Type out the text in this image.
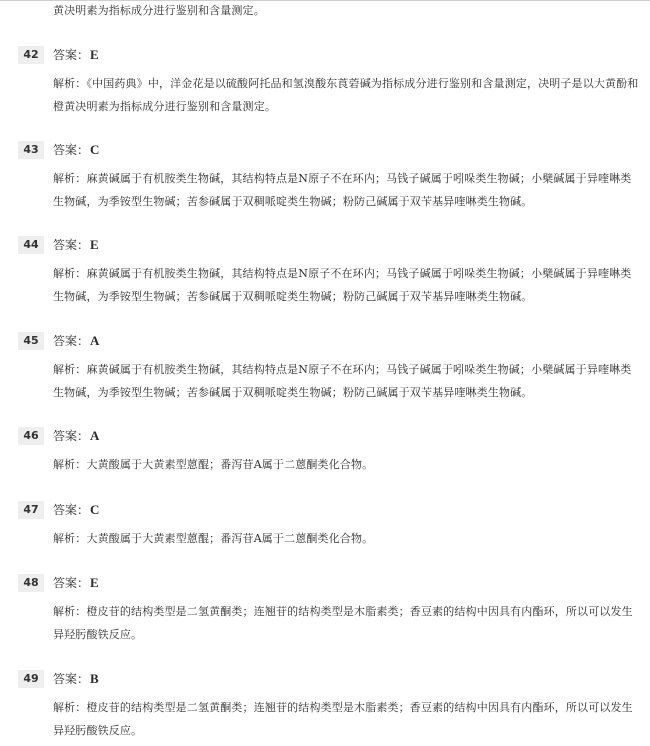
黄决明素为指标成分进行鉴别和含量测定。
42	答案：E
解析：《中国药典》中，洋金花是以硫酸阿托品和氢溴酸东莨菪碱为指标成分进行鉴别和含量测定，决明子是以大黄酚和橙黄决明素为指标成分进行鉴别和含量测定。
43	答案：C
解析：麻黄碱属于有机胺类生物碱，其结构特点是N原子不在环内；马钱子碱属于吲哚类生物碱；小檗碱属于异喹啉类生物碱，为季铵型生物碱；苦参碱属于双稠哌啶类生物碱；粉防己碱属于双苄基异喹啉类生物碱。
44	答案：E
解析：麻黄碱属于有机胺类生物碱，其结构特点是N原子不在环内；马钱子碱属于吲哚类生物碱；小檗碱属于异喹啉类生物碱，为季铵型生物碱；苦参碱属于双稠哌啶类生物碱；粉防己碱属于双苄基异喹啉类生物碱。
45	答案：A
解析：麻黄碱属于有机胺类生物碱，其结构特点是N原子不在环内；马钱子碱属于吲哚类生物碱；小檗碱属于异喹啉类生物碱，为季铵型生物碱；苦参碱属于双稠哌啶类生物碱；粉防己碱属于双苄基异喹啉类生物碱。
46	答案：A
解析：大黄酸属于大黄素型蒽醌；番泻苷A属于二蒽酮类化合物。
47	答案：C
解析：大黄酸属于大黄素型蒽醌；番泻苷A属于二蒽酮类化合物。
48	答案：E
解析：橙皮苷的结构类型是二氢黄酮类；连翘苷的结构类型是木脂素类；香豆素的结构中因具有内酯环，所以可以发生异羟肟酸铁反应。
49	答案：B
解析：橙皮苷的结构类型是二氢黄酮类；连翘苷的结构类型是木脂素类；香豆素的结构中因具有内酯环，所以可以发生异羟肟酸铁反应。
